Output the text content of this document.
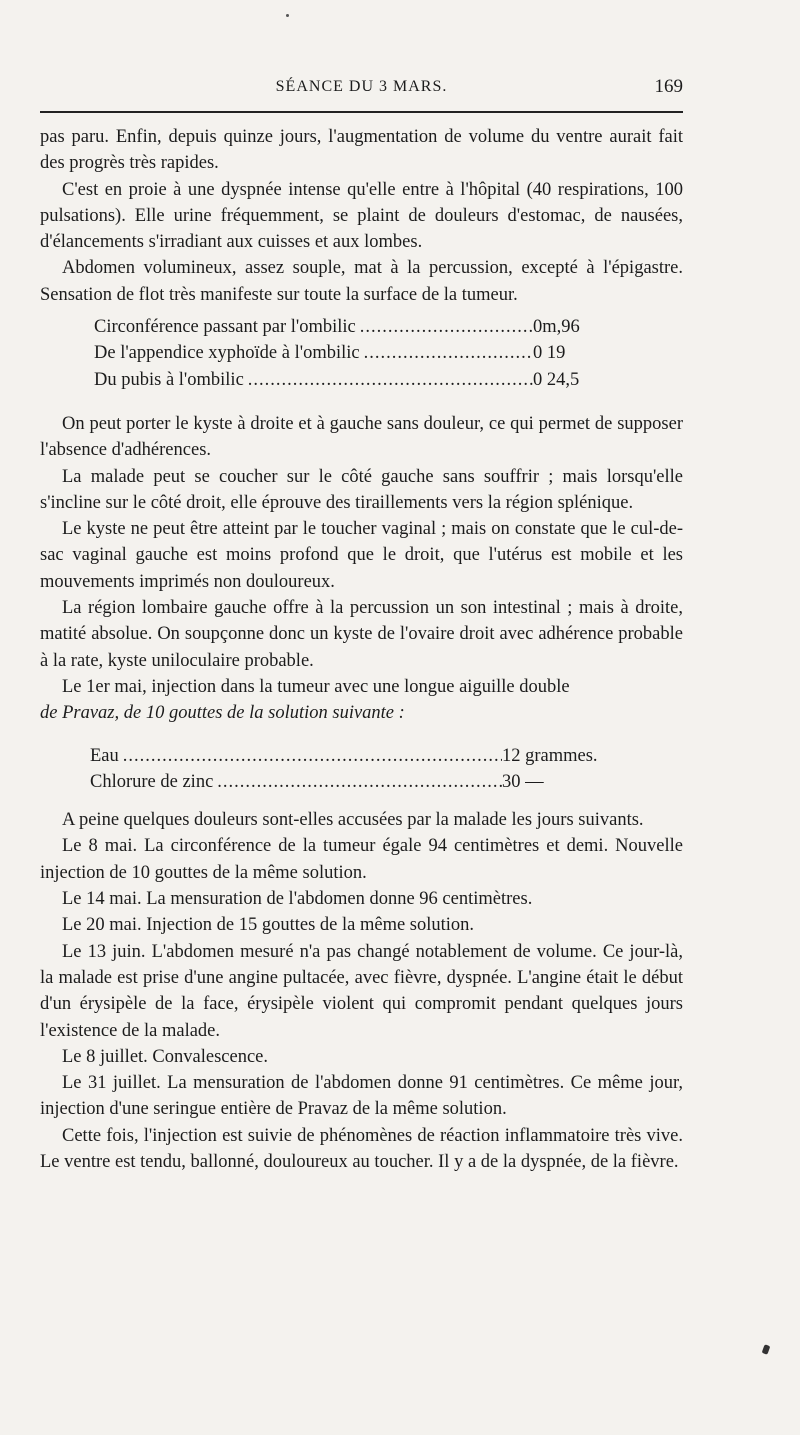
SÉANCE DU 3 MARS.	169

pas paru. Enfin, depuis quinze jours, l'augmentation de volume du ventre aurait fait des progrès très rapides.

C'est en proie à une dyspnée intense qu'elle entre à l'hôpital (40 respirations, 100 pulsations). Elle urine fréquemment, se plaint de douleurs d'estomac, de nausées, d'élancements s'irradiant aux cuisses et aux lombes.

Abdomen volumineux, assez souple, mat à la percussion, excepté à l'épigastre. Sensation de flot très manifeste sur toute la surface de la tumeur.

Circonférence passant par l'ombilic .....	0m,96
De l'appendice xyphoïde à l'ombilic .....	0 19
Du pubis à l'ombilic .....	0 24,5

On peut porter le kyste à droite et à gauche sans douleur, ce qui permet de supposer l'absence d'adhérences.

La malade peut se coucher sur le côté gauche sans souffrir ; mais lorsqu'elle s'incline sur le côté droit, elle éprouve des tiraillements vers la région splénique.

Le kyste ne peut être atteint par le toucher vaginal ; mais on constate que le cul-de-sac vaginal gauche est moins profond que le droit, que l'utérus est mobile et les mouvements imprimés non douloureux.

La région lombaire gauche offre à la percussion un son intestinal ; mais à droite, matité absolue. On soupçonne donc un kyste de l'ovaire droit avec adhérence probable à la rate, kyste uniloculaire probable.

Le 1er mai, injection dans la tumeur avec une longue aiguille double

de Pravaz, de 10 gouttes de la solution suivante :

Eau .....	12 grammes.
Chlorure de zinc .....	30 —

A peine quelques douleurs sont-elles accusées par la malade les jours suivants.

Le 8 mai. La circonférence de la tumeur égale 94 centimètres et demi. Nouvelle injection de 10 gouttes de la même solution.

Le 14 mai. La mensuration de l'abdomen donne 96 centimètres.

Le 20 mai. Injection de 15 gouttes de la même solution.

Le 13 juin. L'abdomen mesuré n'a pas changé notablement de volume. Ce jour-là, la malade est prise d'une angine pultacée, avec fièvre, dyspnée. L'angine était le début d'un érysipèle de la face, érysipèle violent qui compromit pendant quelques jours l'existence de la malade.

Le 8 juillet. Convalescence.

Le 31 juillet. La mensuration de l'abdomen donne 91 centimètres. Ce même jour, injection d'une seringue entière de Pravaz de la même solution.

Cette fois, l'injection est suivie de phénomènes de réaction inflammatoire très vive. Le ventre est tendu, ballonné, douloureux au toucher. Il y a de la dyspnée, de la fièvre.
